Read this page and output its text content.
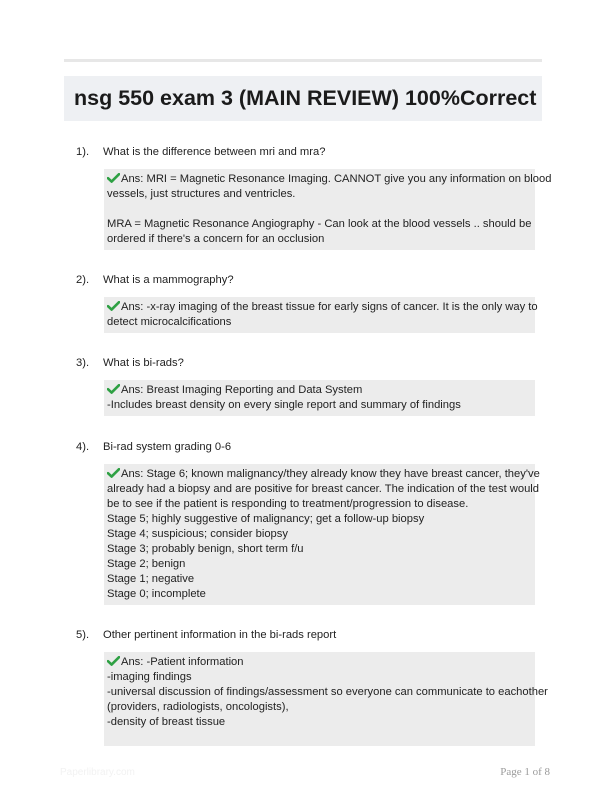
nsg 550 exam 3 (MAIN REVIEW) 100%Correct
1). What is the difference between mri and mra?
Ans: MRI = Magnetic Resonance Imaging. CANNOT give you any information on blood
vessels, just structures and ventricles.
MRA = Magnetic Resonance Angiography - Can look at the blood vessels .. should be
ordered if there's a concern for an occlusion
2). What is a mammography?
Ans: -x-ray imaging of the breast tissue for early signs of cancer. It is the only way to
detect microcalcifications
3). What is bi-rads?
Ans: Breast Imaging Reporting and Data System
-Includes breast density on every single report and summary of findings
4). Bi-rad system grading 0-6
Ans: Stage 6; known malignancy/they already know they have breast cancer, they've
already had a biopsy and are positive for breast cancer. The indication of the test would
be to see if the patient is responding to treatment/progression to disease.
Stage 5; highly suggestive of malignancy; get a follow-up biopsy
Stage 4; suspicious; consider biopsy
Stage 3; probably benign, short term f/u
Stage 2; benign
Stage 1; negative
Stage 0; incomplete
5). Other pertinent information in the bi-rads report
Ans: -Patient information
-imaging findings
-universal discussion of findings/assessment so everyone can communicate to eachother
(providers, radiologists, oncologists),
-density of breast tissue
Paperlibrary.com	Page 1 of 8
